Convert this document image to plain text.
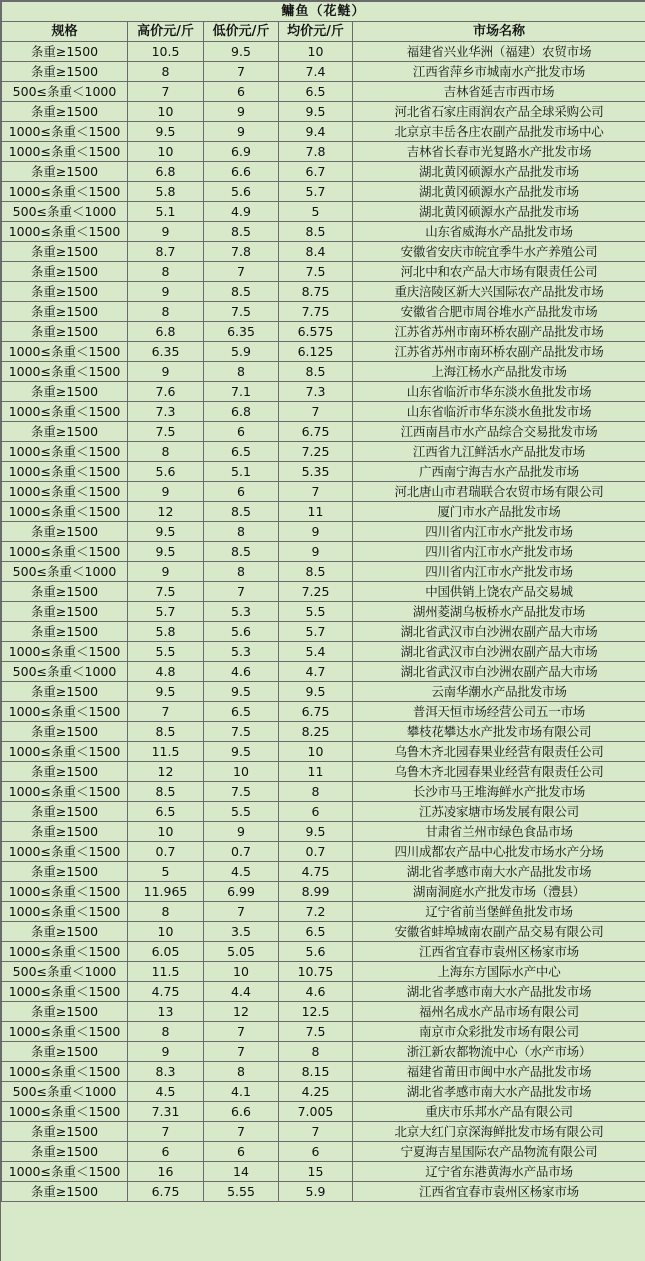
鳙鱼（花鲢）				
规格	高价元/斤	低价元/斤	均价元/斤	市场名称
条重≥1500	10.5	9.5	10	福建省兴业华洲（福建）农贸市场
条重≥1500	8	7	7.4	江西省萍乡市城南水产批发市场
500≤条重＜1000	7	6	6.5	吉林省延吉市西市场
条重≥1500	10	9	9.5	河北省石家庄雨润农产品全球采购公司
1000≤条重＜1500	9.5	9	9.4	北京京丰岳各庄农副产品批发市场中心
1000≤条重＜1500	10	6.9	7.8	吉林省长春市光复路水产批发市场
条重≥1500	6.8	6.6	6.7	湖北黄冈硕源水产品批发市场
1000≤条重＜1500	5.8	5.6	5.7	湖北黄冈硕源水产品批发市场
500≤条重＜1000	5.1	4.9	5	湖北黄冈硕源水产品批发市场
1000≤条重＜1500	9	8.5	8.5	山东省威海水产品批发市场
条重≥1500	8.7	7.8	8.4	安徽省安庆市皖宜季牛水产养殖公司
条重≥1500	8	7	7.5	河北中和农产品大市场有限责任公司
条重≥1500	9	8.5	8.75	重庆涪陵区新大兴国际农产品批发市场
条重≥1500	8	7.5	7.75	安徽省合肥市周谷堆水产品批发市场
条重≥1500	6.8	6.35	6.575	江苏省苏州市南环桥农副产品批发市场
1000≤条重＜1500	6.35	5.9	6.125	江苏省苏州市南环桥农副产品批发市场
1000≤条重＜1500	9	8	8.5	上海江杨水产品批发市场
条重≥1500	7.6	7.1	7.3	山东省临沂市华东淡水鱼批发市场
1000≤条重＜1500	7.3	6.8	7	山东省临沂市华东淡水鱼批发市场
条重≥1500	7.5	6	6.75	江西南昌市水产品综合交易批发市场
1000≤条重＜1500	8	6.5	7.25	江西省九江鲜活水产品批发市场
1000≤条重＜1500	5.6	5.1	5.35	广西南宁海吉水产品批发市场
1000≤条重＜1500	9	6	7	河北唐山市君瑞联合农贸市场有限公司
1000≤条重＜1500	12	8.5	11	厦门市水产品批发市场
条重≥1500	9.5	8	9	四川省内江市水产批发市场
1000≤条重＜1500	9.5	8.5	9	四川省内江市水产批发市场
500≤条重＜1000	9	8	8.5	四川省内江市水产批发市场
条重≥1500	7.5	7	7.25	中国供销上饶农产品交易城
条重≥1500	5.7	5.3	5.5	湖州菱湖乌板桥水产品批发市场
条重≥1500	5.8	5.6	5.7	湖北省武汉市白沙洲农副产品大市场
1000≤条重＜1500	5.5	5.3	5.4	湖北省武汉市白沙洲农副产品大市场
500≤条重＜1000	4.8	4.6	4.7	湖北省武汉市白沙洲农副产品大市场
条重≥1500	9.5	9.5	9.5	云南华潮水产品批发市场
1000≤条重＜1500	7	6.5	6.75	普洱天恒市场经营公司五一市场
条重≥1500	8.5	7.5	8.25	攀枝花攀达水产批发市场有限公司
1000≤条重＜1500	11.5	9.5	10	乌鲁木齐北园春果业经营有限责任公司
条重≥1500	12	10	11	乌鲁木齐北园春果业经营有限责任公司
1000≤条重＜1500	8.5	7.5	8	长沙市马王堆海鲜水产批发市场
条重≥1500	6.5	5.5	6	江苏凌家塘市场发展有限公司
条重≥1500	10	9	9.5	甘肃省兰州市绿色食品市场
1000≤条重＜1500	0.7	0.7	0.7	四川成都农产品中心批发市场水产分场
条重≥1500	5	4.5	4.75	湖北省孝感市南大水产品批发市场
1000≤条重＜1500	11.965	6.99	8.99	湖南洞庭水产批发市场（澧县）
1000≤条重＜1500	8	7	7.2	辽宁省前当堡鲜鱼批发市场
条重≥1500	10	3.5	6.5	安徽省蚌埠城南农副产品交易有限公司
1000≤条重＜1500	6.05	5.05	5.6	江西省宜春市袁州区杨家市场
500≤条重＜1000	11.5	10	10.75	上海东方国际水产中心
1000≤条重＜1500	4.75	4.4	4.6	湖北省孝感市南大水产品批发市场
条重≥1500	13	12	12.5	福州名成水产品市场有限公司
1000≤条重＜1500	8	7	7.5	南京市众彩批发市场有限公司
条重≥1500	9	7	8	浙江新农都物流中心（水产市场）
1000≤条重＜1500	8.3	8	8.15	福建省莆田市闽中水产品批发市场
500≤条重＜1000	4.5	4.1	4.25	湖北省孝感市南大水产品批发市场
1000≤条重＜1500	7.31	6.6	7.005	重庆市乐邦水产品有限公司
条重≥1500	7	7	7	北京大红门京深海鲜批发市场有限公司
条重≥1500	6	6	6	宁夏海吉星国际农产品物流有限公司
1000≤条重＜1500	16	14	15	辽宁省东港黄海水产品市场
条重≥1500	6.75	5.55	5.9	江西省宜春市袁州区杨家市场
